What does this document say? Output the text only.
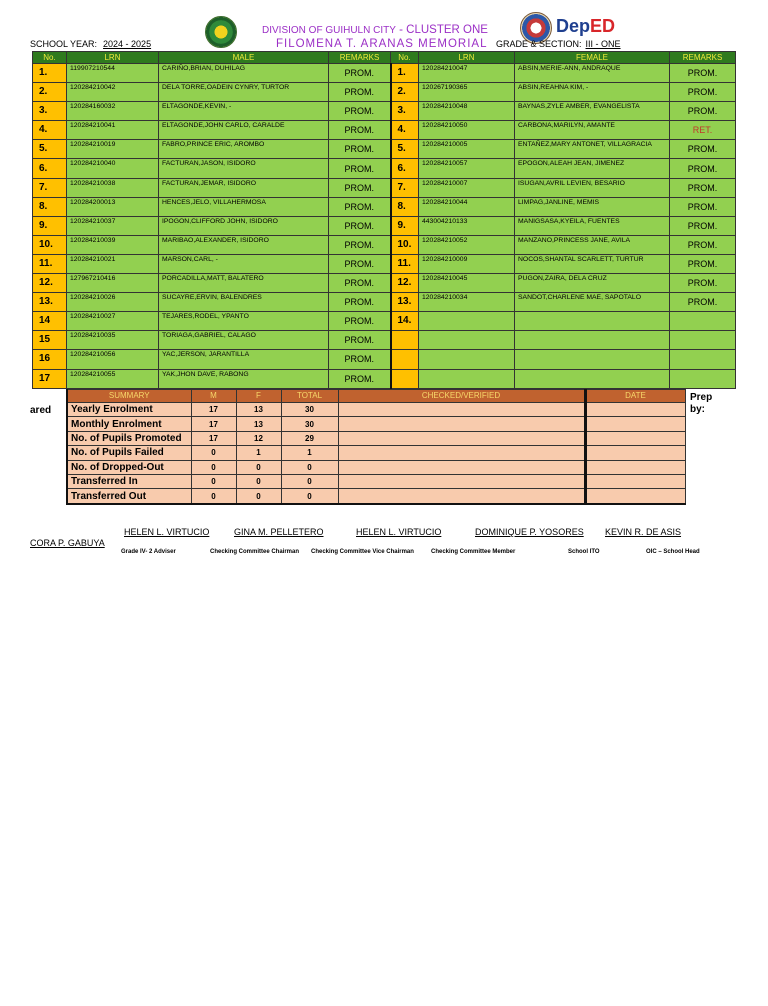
DIVISION OF GUIHULN CITY - CLUSTER ONE
FILOMENA T. ARANAS MEMORIAL
DepED
SCHOOL YEAR: 2024 - 2025	GRADE & SECTION: III - ONE
No.	LRN	MALE	REMARKS	No.	LRN	FEMALE	REMARKS
1.	119907210544	CARIÑO,BRIAN, DUHILAG	PROM.	1.	120284210047	ABSIN,MERIE-ANN, ANDRAQUE	PROM.
2.	120284210042	DELA TORRE,OADEIN CYNRY, TURTOR	PROM.	2.	120267190365	ABSIN,REAHNA KIM, -	PROM.
3.	120284160032	ELTAGONDE,KEVIN, -	PROM.	3.	120284210048	BAYNAS,ZYLE AMBER, EVANGELISTA	PROM.
4.	120284210041	ELTAGONDE,JOHN CARLO, CARALDE	PROM.	4.	120284210050	CARBONA,MARILYN, AMANTE	RET.
5.	120284210019	FABRO,PRINCE ERIC, AROMBO	PROM.	5.	120284210005	ENTAÑEZ,MARY ANTONET, VILLAGRACIA	PROM.
6.	120284210040	FACTURAN,JASON, ISIDORO	PROM.	6.	120284210057	EPOGON,ALEAH JEAN, JIMENEZ	PROM.
7.	120284210038	FACTURAN,JEMAR, ISIDORO	PROM.	7.	120284210007	ISUGAN,AVRIL LEVIEN, BESARIO	PROM.
8.	120284200013	HENCES,JELO, VILLAHERMOSA	PROM.	8.	120284210044	LIMPAG,JANLINE, MEMIS	PROM.
9.	120284210037	IPOGON,CLIFFORD JOHN, ISIDORO	PROM.	9.	443004210133	MANIGSASA,KYEILA, FUENTES	PROM.
10.	120284210039	MARIBAO,ALEXANDER, ISIDORO	PROM.	10.	120284210052	MANZANO,PRINCESS JANE, AVILA	PROM.
11.	120284210021	MARSON,CARL, -	PROM.	11.	120284210009	NOCOS,SHANTAL SCARLETT, TURTUR	PROM.
12.	127967210416	PORCADILLA,MATT, BALATERO	PROM.	12.	120284210045	PUGON,ZAIRA, DELA CRUZ	PROM.
13.	120284210026	SUCAYRE,ERVIN, BALENDRES	PROM.	13.	120284210034	SANDOT,CHARLENE MAE, SAPOTALO	PROM.
14	120284210027	TEJARES,RODEL, YPANTO	PROM.	14.			
15	120284210035	TORIAGA,GABRIEL, CALAGO	PROM.				
16	120284210056	YAC,JERSON, JARANTILLA	PROM.				
17	120284210055	YAK,JHON DAVE, RABONG	PROM.				
ared
SUMMARY	M	F	TOTAL	CHECKED/VERIFIED	DATE
Yearly Enrolment	17	13	30		
Monthly Enrolment	17	13	30		
No. of Pupils Promoted	17	12	29		
No. of Pupils Failed	0	1	1		
No. of Dropped-Out	0	0	0		
Transferred In	0	0	0		
Transferred Out	0	0	0		
Prep
by:
CORA P. GABUYA
HELEN L. VIRTUCIO	GINA M. PELLETERO	HELEN L. VIRTUCIO	DOMINIQUE P. YOSORES KEVIN R. DE ASIS
Grade IV- 2 Adviser	Checking Committee Chairman Checking Committee Vice Chairman	Checking Committee Member	School ITO	OIC – School Head
